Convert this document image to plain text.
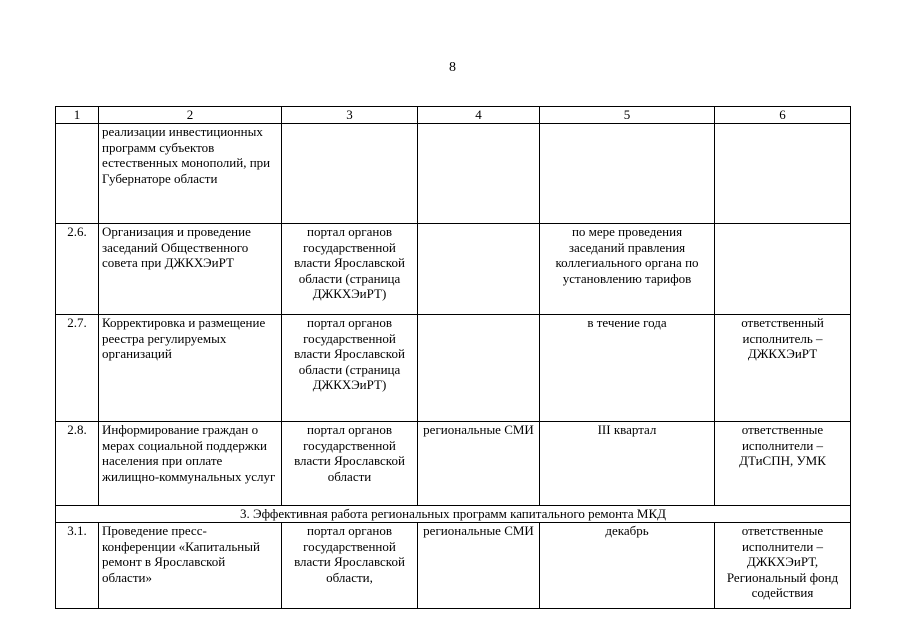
8
1	2	3	4	5	6
	реализации инвестиционных программ субъектов естественных монополий, при Губернаторе области				
2.6.	Организация и проведение заседаний Общественного совета при ДЖКХЭиРТ	портал органов государственной власти Ярославской области (страница ДЖКХЭиРТ)		по мере проведения заседаний правления коллегиального органа по установлению тарифов	
2.7.	Корректировка и размещение реестра регулируемых организаций	портал органов государственной власти Ярославской области (страница ДЖКХЭиРТ)		в течение года	ответственный исполнитель – ДЖКХЭиРТ
2.8.	Информирование граждан о мерах социальной поддержки населения при оплате жилищно-коммунальных услуг	портал органов государственной власти Ярославской области	региональные СМИ	III квартал	ответственные исполнители – ДТиСПН, УМК
3. Эффективная работа региональных программ капитального ремонта МКД					
3.1.	Проведение пресс-конференции «Капитальный ремонт в Ярославской области»	портал органов государственной власти Ярославской области,	региональные СМИ	декабрь	ответственные исполнители – ДЖКХЭиРТ, Региональный фонд содействия
